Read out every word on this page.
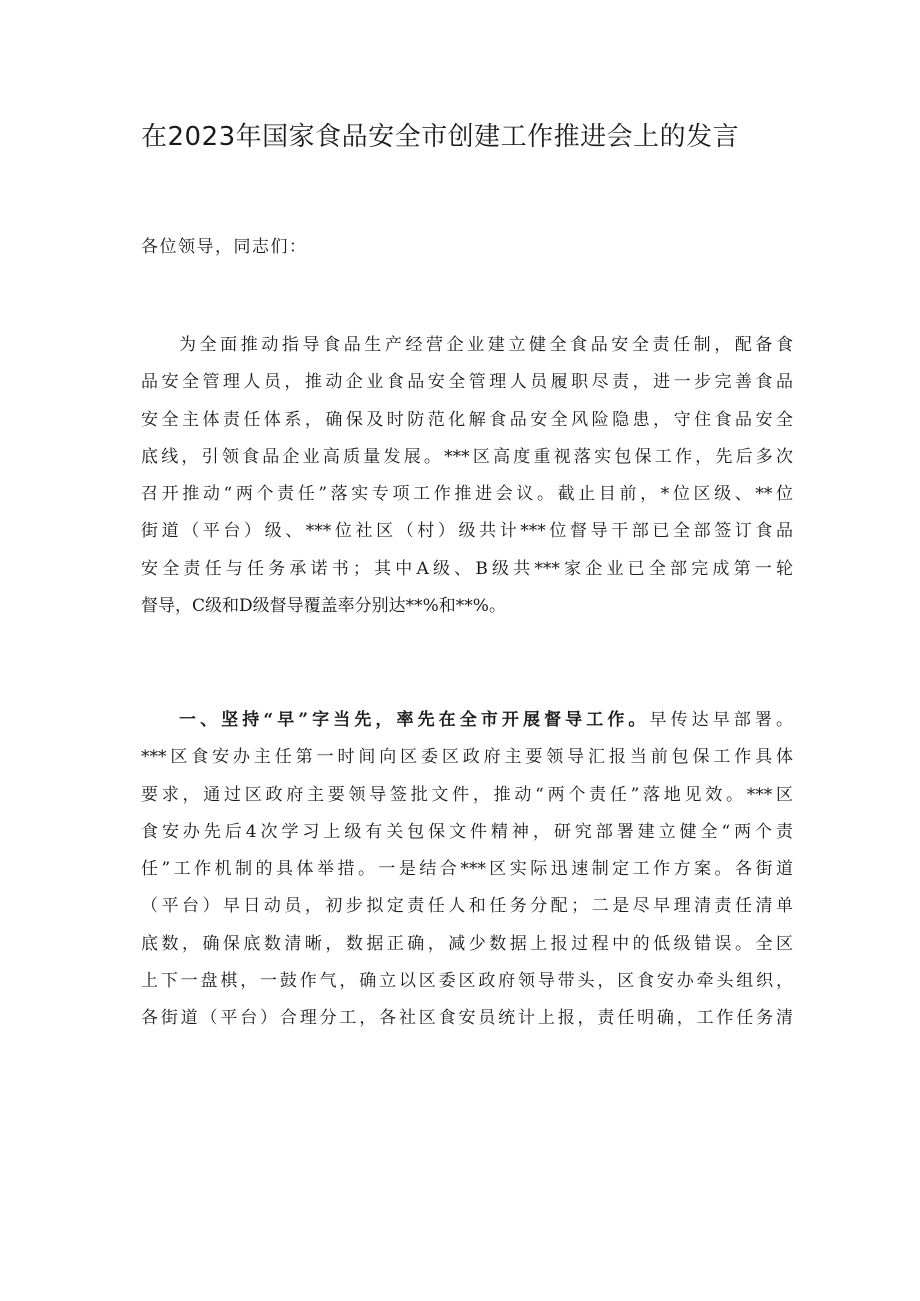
在2023年国家食品安全市创建工作推进会上的发言

各位领导，同志们：

为全面推动指导食品生产经营企业建立健全食品安全责任制，配备食
品安全管理人员，推动企业食品安全管理人员履职尽责，进一步完善食品
安全主体责任体系，确保及时防范化解食品安全风险隐患，守住食品安全
底线，引领食品企业高质量发展。***区高度重视落实包保工作，先后多次
召开推动“两个责任”落实专项工作推进会议。截止目前，*位区级、**位
街道（平台）级、***位社区（村）级共计***位督导干部已全部签订食品
安全责任与任务承诺书；其中A级、B级共***家企业已全部完成第一轮
督导，C级和D级督导覆盖率分别达**%和**%。
一、坚持“早”字当先，率先在全市开展督导工作。早传达早部署。
***区食安办主任第一时间向区委区政府主要领导汇报当前包保工作具体
要求，通过区政府主要领导签批文件，推动“两个责任”落地见效。***区
食安办先后4次学习上级有关包保文件精神，研究部署建立健全“两个责
任”工作机制的具体举措。一是结合***区实际迅速制定工作方案。各街道
（平台）早日动员，初步拟定责任人和任务分配；二是尽早理清责任清单
底数，确保底数清晰，数据正确，减少数据上报过程中的低级错误。全区
上下一盘棋，一鼓作气，确立以区委区政府领导带头，区食安办牵头组织，
各街道（平台）合理分工，各社区食安员统计上报，责任明确，工作任务清
